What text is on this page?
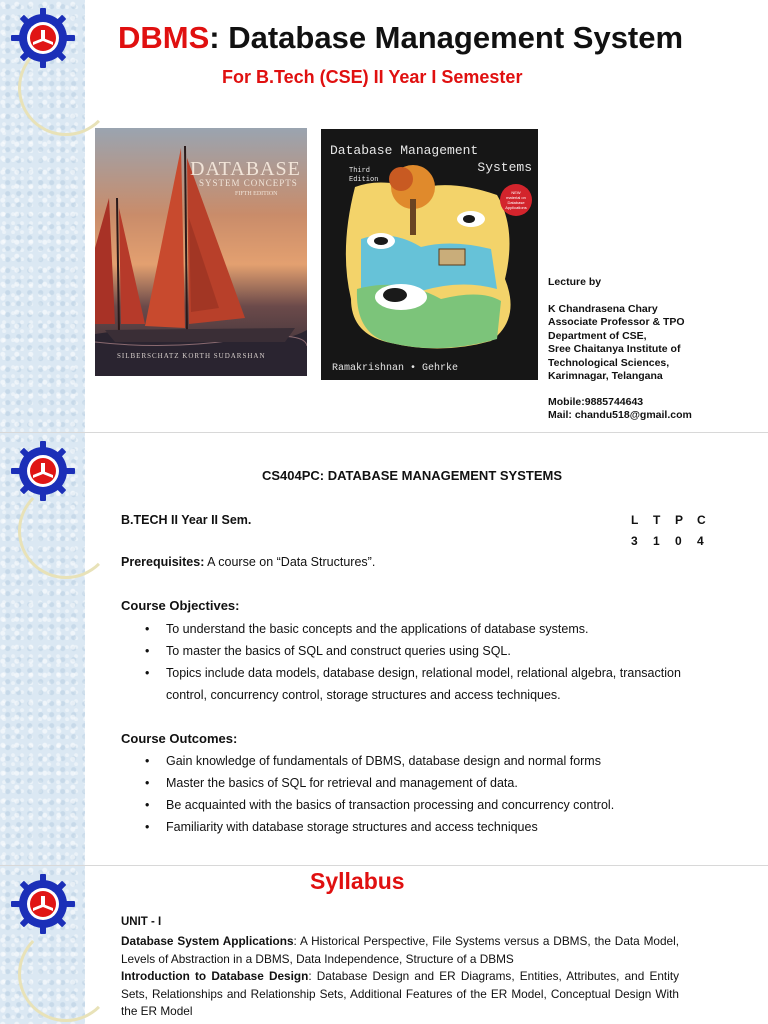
DBMS: Database Management System
For B.Tech (CSE) II Year I Semester
DATABASE
SYSTEM CONCEPTS
FIFTH EDITION
SILBERSCHATZ KORTH SUDARSHAN
Database Management
Systems
Third
Edition
NEW
material on
Database
Applications
Ramakrishnan • Gehrke
Lecture by
K Chandrasena Chary
Associate Professor & TPO
Department of CSE,
Sree Chaitanya Institute of
Technological Sciences,
Karimnagar, Telangana
Mobile:9885744643
Mail: chandu518@gmail.com
CS404PC: DATABASE MANAGEMENT SYSTEMS
B.TECH II Year II Sem.	L T P C
3 1 0 4
Prerequisites: A course on “Data Structures”.
Course Objectives:
• To understand the basic concepts and the applications of database systems.
• To master the basics of SQL and construct queries using SQL.
• Topics include data models, database design, relational model, relational algebra, transaction
control, concurrency control, storage structures and access techniques.
Course Outcomes:
• Gain knowledge of fundamentals of DBMS, database design and normal forms
• Master the basics of SQL for retrieval and management of data.
• Be acquainted with the basics of transaction processing and concurrency control.
• Familiarity with database storage structures and access techniques
Syllabus
UNIT - I
Database System Applications: A Historical Perspective, File Systems versus a DBMS, the Data Model, Levels of Abstraction in a DBMS, Data Independence, Structure of a DBMS
Introduction to Database Design: Database Design and ER Diagrams, Entities, Attributes, and Entity Sets, Relationships and Relationship Sets, Additional Features of the ER Model, Conceptual Design With the ER Model
